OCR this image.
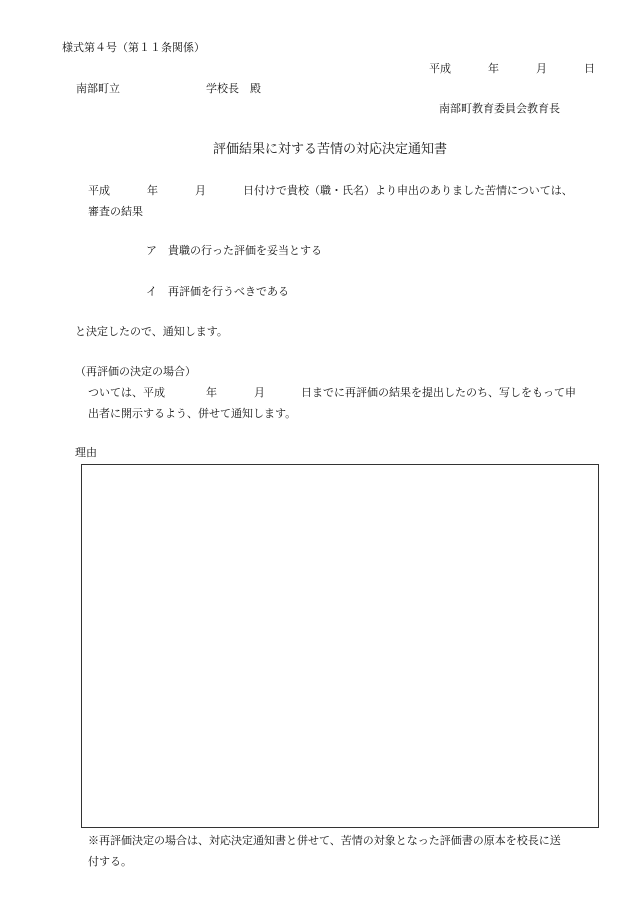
様式第４号（第１１条関係）
平成	年	月	日
南部町立	学校長　殿
南部町教育委員会教育長
評価結果に対する苦情の対応決定通知書
平成	年	月	日付けで貴校（職・氏名）より申出のありました苦情については、
審査の結果
ア　貴職の行った評価を妥当とする
イ　再評価を行うべきである
と決定したので、通知します。
（再評価の決定の場合）
ついては、平成	年	月	日までに再評価の結果を提出したのち、写しをもって申
出者に開示するよう、併せて通知します。
理由
※再評価決定の場合は、対応決定通知書と併せて、苦情の対象となった評価書の原本を校長に送
付する。
